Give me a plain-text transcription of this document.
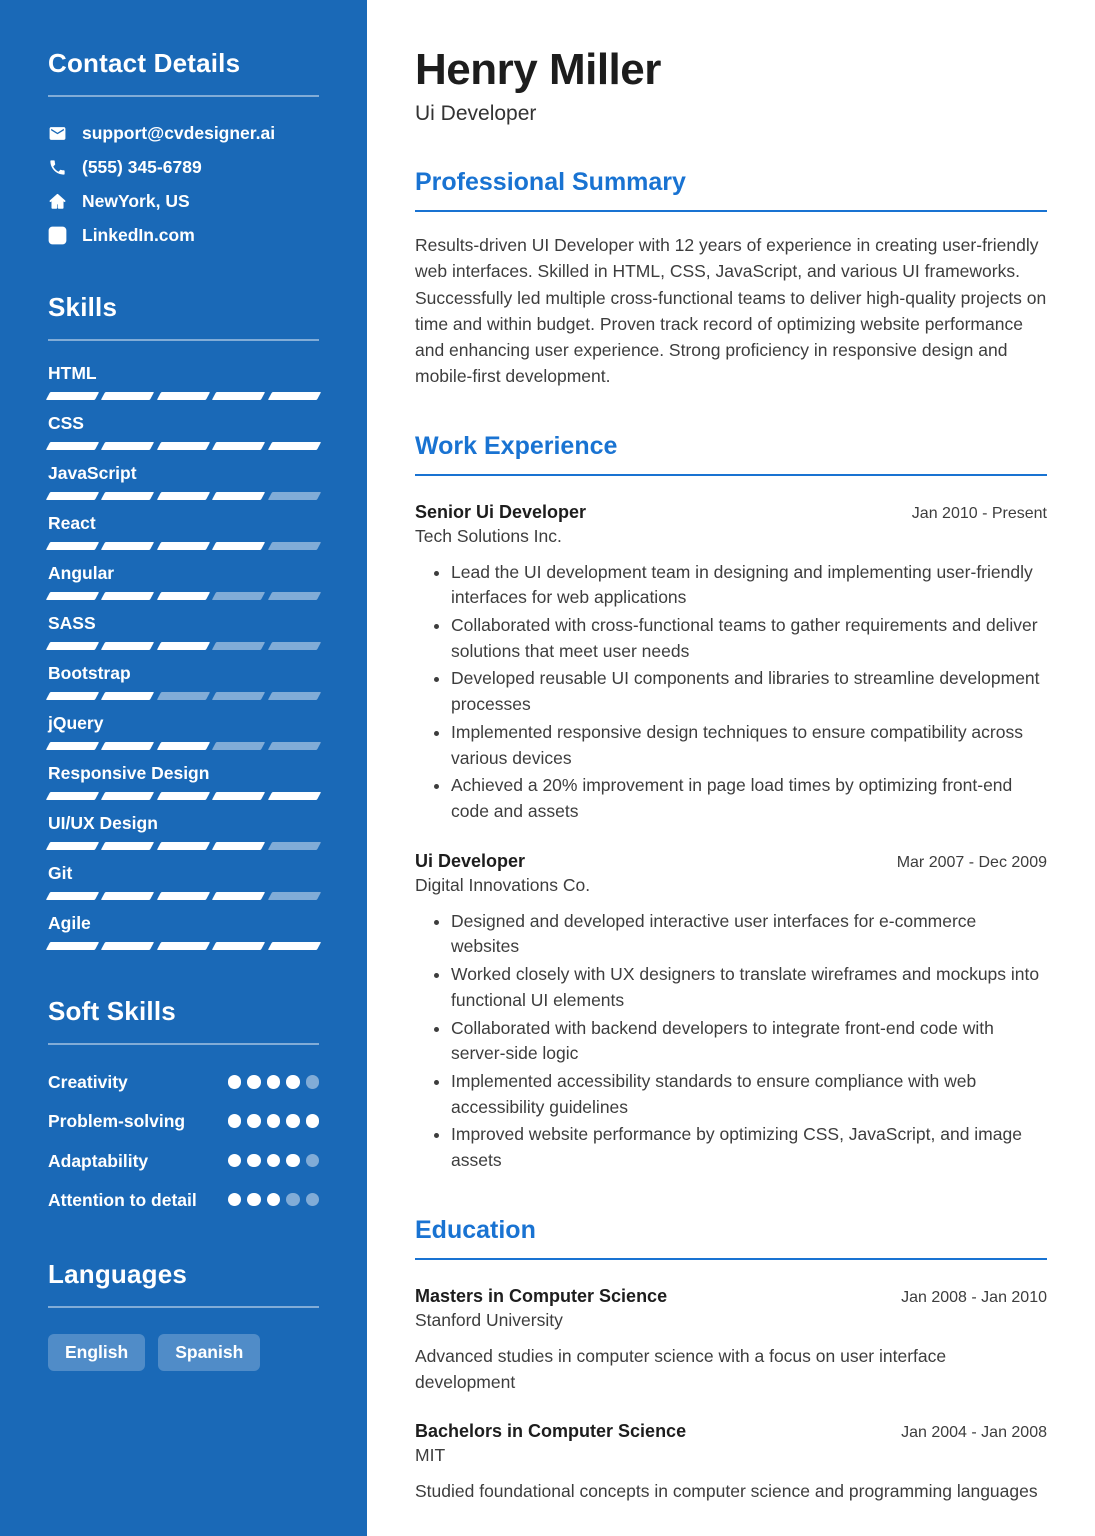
Contact Details
support@cvdesigner.ai
(555) 345-6789
NewYork, US
LinkedIn.com
Skills
HTML
CSS
JavaScript
React
Angular
SASS
Bootstrap
jQuery
Responsive Design
UI/UX Design
Git
Agile
Soft Skills
Creativity
Problem-solving
Adaptability
Attention to detail
Languages
English	Spanish
Henry Miller
Ui Developer
Professional Summary

Results-driven UI Developer with 12 years of experience in creating user-friendly web interfaces. Skilled in HTML, CSS, JavaScript, and various UI frameworks. Successfully led multiple cross-functional teams to deliver high-quality projects on time and within budget. Proven track record of optimizing website performance and enhancing user experience. Strong proficiency in responsive design and mobile-first development.

Work Experience
Senior Ui Developer	Jan 2010 - Present
Tech Solutions Inc.
• Lead the UI development team in designing and implementing user-friendly interfaces for web applications
• Collaborated with cross-functional teams to gather requirements and deliver solutions that meet user needs
• Developed reusable UI components and libraries to streamline development processes
• Implemented responsive design techniques to ensure compatibility across various devices
• Achieved a 20% improvement in page load times by optimizing front-end code and assets
Ui Developer	Mar 2007 - Dec 2009
Digital Innovations Co.
• Designed and developed interactive user interfaces for e-commerce websites
• Worked closely with UX designers to translate wireframes and mockups into functional UI elements
• Collaborated with backend developers to integrate front-end code with server-side logic
• Implemented accessibility standards to ensure compliance with web accessibility guidelines
• Improved website performance by optimizing CSS, JavaScript, and image assets
Education
Masters in Computer Science	Jan 2008 - Jan 2010
Stanford University
Advanced studies in computer science with a focus on user interface development
Bachelors in Computer Science	Jan 2004 - Jan 2008
MIT
Studied foundational concepts in computer science and programming languages
